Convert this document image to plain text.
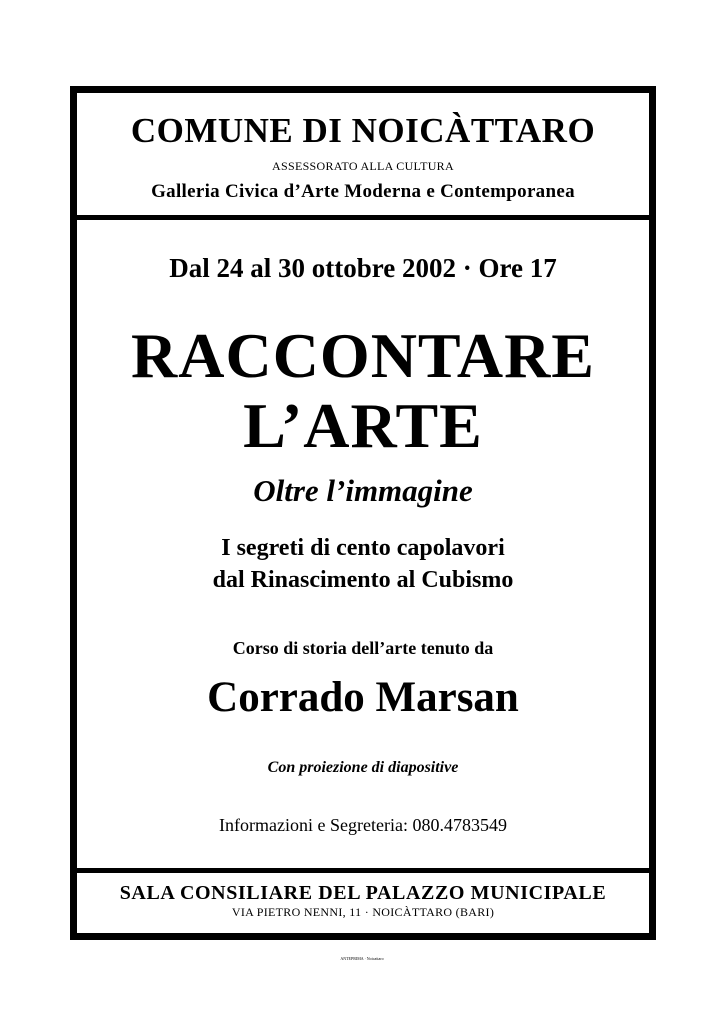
COMUNE DI NOICÀTTARO
ASSESSORATO ALLA CULTURA
Galleria Civica d’Arte Moderna e Contemporanea
Dal 24 al 30 ottobre 2002 · Ore 17
RACCONTARE
L’ARTE
Oltre l’immagine
I segreti di cento capolavori
dal Rinascimento al Cubismo
Corso di storia dell’arte tenuto da
Corrado Marsan
Con proiezione di diapositive
Informazioni e Segreteria: 080.4783549
SALA CONSILIARE DEL PALAZZO MUNICIPALE
VIA PIETRO NENNI, 11 · NOICÀTTARO (BARI)
ANTEPRIMA · Noicattaro
